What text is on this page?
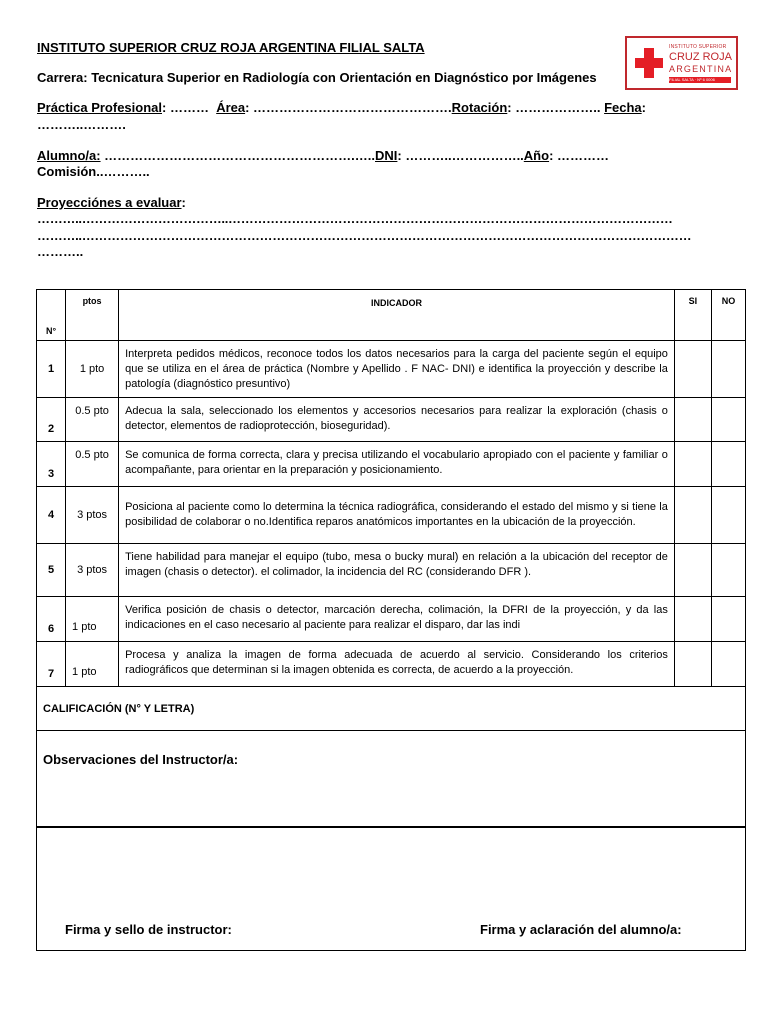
INSTITUTO SUPERIOR CRUZ ROJA ARGENTINA FILIAL SALTA
Carrera: Tecnicatura Superior en Radiología con Orientación en Diagnóstico por Imágenes
Práctica Profesional: ……… Área: ……………………………………….Rotación: ……………….. Fecha:
………..……….
Alumno/a: ………………………………………………….…..DNI: ………..……………..Año: …………
Comisión..………..
Proyecciónes a evaluar:
………..……………………………..……………………………………………………………………………………………
………..………………………………………………………………………………………………………………………………
………..
INSTITUTO SUPERIOR
CRUZ ROJA
ARGENTINA
FILIAL SALTA · Nº 6 0006
N°	ptos	INDICADOR	SI	NO
1	1 pto	Interpreta pedidos médicos, reconoce todos los datos necesarios para la carga del paciente según el equipo que se utiliza en el área de práctica (Nombre y Apellido . F NAC- DNI) e identifica la proyección y describe la patología (diagnóstico presuntivo)		
2	0.5 pto	Adecua la sala, seleccionado los elementos y accesorios necesarios para realizar la exploración (chasis o detector, elementos de radioprotección, bioseguridad).		
3	0.5 pto	Se comunica de forma correcta, clara y precisa utilizando el vocabulario apropiado con el paciente y familiar o acompañante, para orientar en la preparación y posicionamiento.		
4	3 ptos	Posiciona al paciente como lo determina la técnica radiográfica, considerando el estado del mismo y si tiene la posibilidad de colaborar o no.Identifica reparos anatómicos importantes en la ubicación de la proyección.		
5	3 ptos	Tiene habilidad para manejar el equipo (tubo, mesa o bucky mural) en relación a la ubicación del receptor de imagen (chasis o detector). el colimador, la incidencia del RC (considerando DFR ).		
6	1 pto	Verifica posición de chasis o detector, marcación derecha, colimación, la DFRI de la proyección, y da las indicaciones en el caso necesario al paciente para realizar el disparo, dar las indi		
7	1 pto	Procesa y analiza la imagen de forma adecuada de acuerdo al servicio. Considerando los criterios radiográficos que determinan si la imagen obtenida es correcta, de acuerdo a la proyección.		
CALIFICACIÓN (N° Y LETRA)				
Observaciones del Instructor/a:				

Firma y sello de instructor: Firma y aclaración del alumno/a:				
